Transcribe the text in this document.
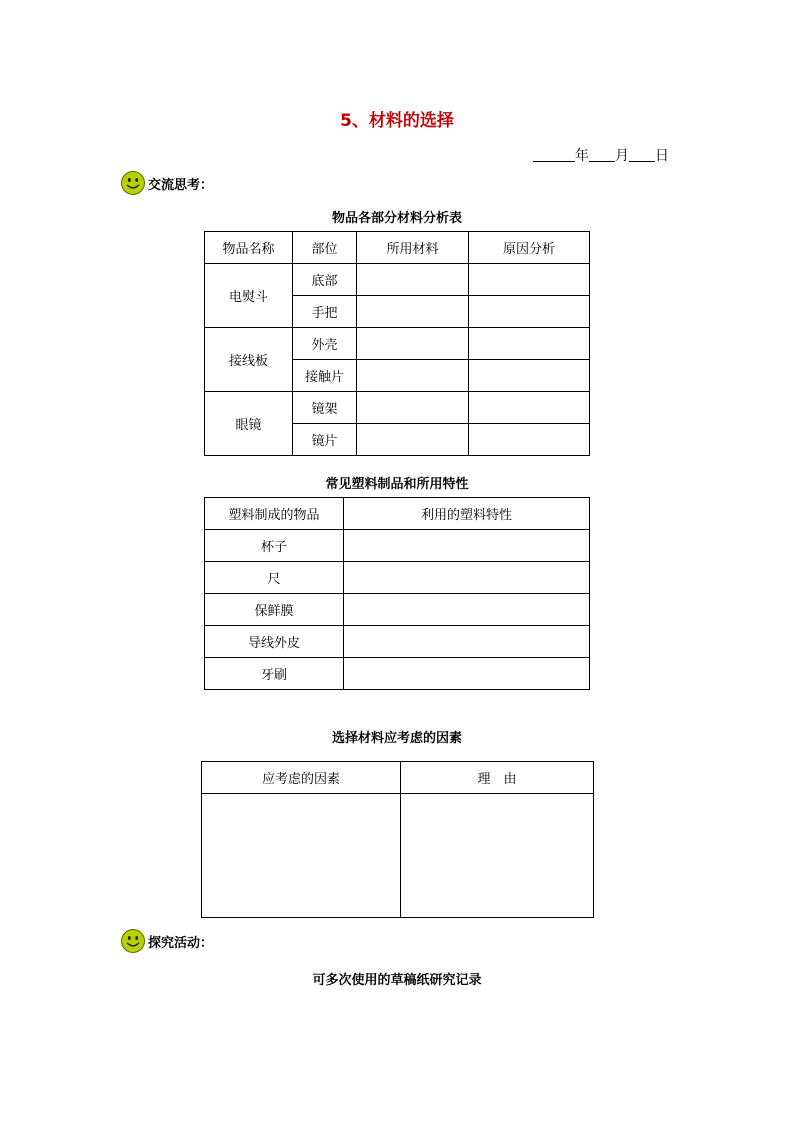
5、材料的选择
年 月 日
交流思考：
物品各部分材料分析表
物品名称	部位	所用材料	原因分析
电熨斗	底部		
	手把		
接线板	外壳		
	接触片		
眼镜	镜架		
	镜片		
常见塑料制品和所用特性
塑料制成的物品	利用的塑料特性
杯子	
尺	
保鲜膜	
导线外皮	
牙刷	
选择材料应考虑的因素
应考虑的因素	理　由

探究活动：
可多次使用的草稿纸研究记录
